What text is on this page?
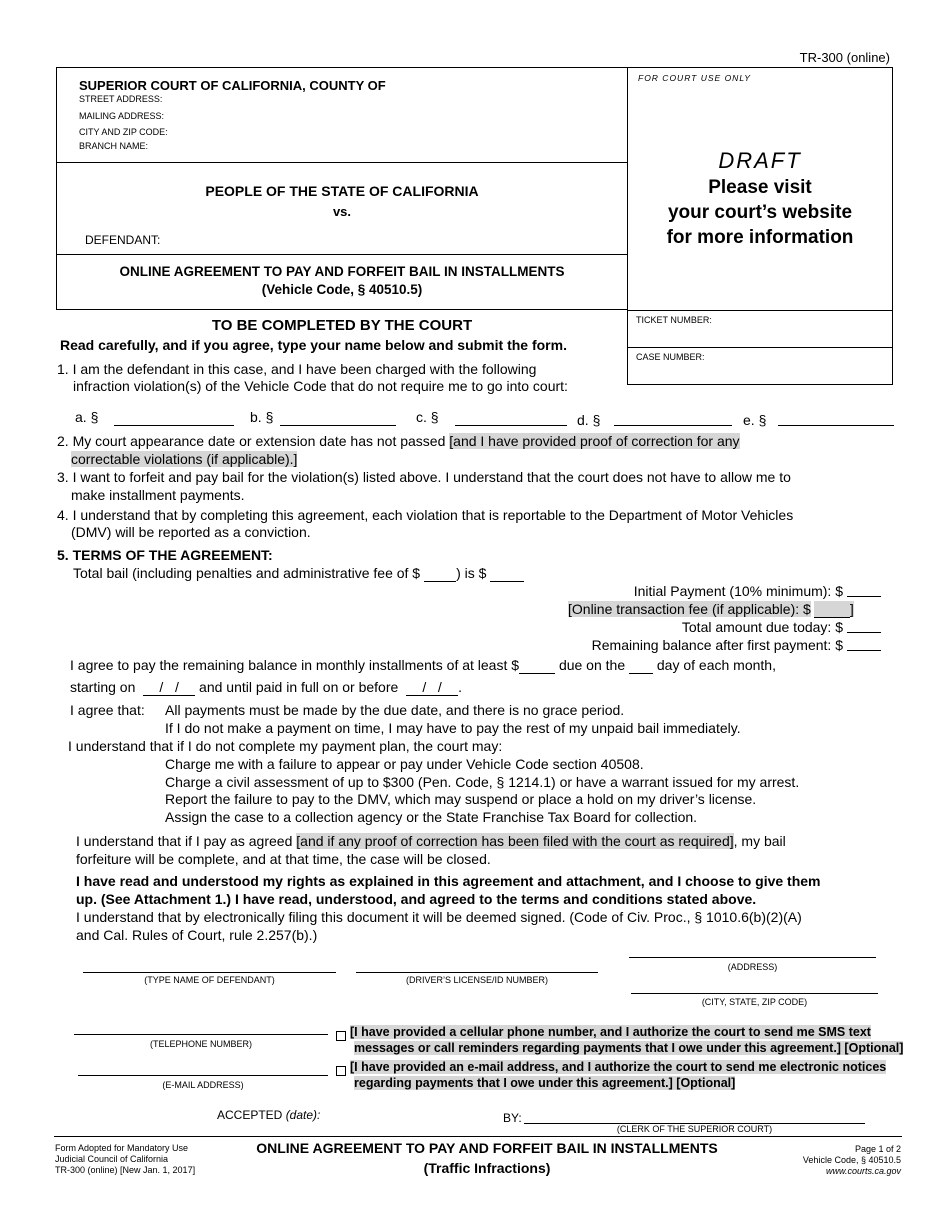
TR-300 (online)
SUPERIOR COURT OF CALIFORNIA, COUNTY OF
STREET ADDRESS:
MAILING ADDRESS:
CITY AND ZIP CODE:
BRANCH NAME:
PEOPLE OF THE STATE OF CALIFORNIA
vs.
DEFENDANT:
ONLINE AGREEMENT TO PAY AND FORFEIT BAIL IN INSTALLMENTS
(Vehicle Code, § 40510.5)
FOR COURT USE ONLY
DRAFT
Please visit
your court’s website
for more information
TICKET NUMBER:
CASE NUMBER:
TO BE COMPLETED BY THE COURT
Read carefully, and if you agree, type your name below and submit the form.
1. I am the defendant in this case, and I have been charged with the following
infraction violation(s) of the Vehicle Code that do not require me to go into court:
a. §	b. §	c. §	d. §	e. §
2. My court appearance date or extension date has not passed [and I have provided proof of correction for any
correctable violations (if applicable).]
3. I want to forfeit and pay bail for the violation(s) listed above. I understand that the court does not have to allow me to
make installment payments.
4. I understand that by completing this agreement, each violation that is reportable to the Department of Motor Vehicles
(DMV) will be reported as a conviction.
5. TERMS OF THE AGREEMENT:
Total bail (including penalties and administrative fee of $	) is $
Initial Payment (10% minimum): $
[Online transaction fee (if applicable): $	]
Total amount due today: $
Remaining balance after first payment: $
I agree to pay the remaining balance in monthly installments of at least $	due on the day of each month,
starting on /   / and until paid in full on or before /   / .
I agree that: All payments must be made by the due date, and there is no grace period.
If I do not make a payment on time, I may have to pay the rest of my unpaid bail immediately.
I understand that if I do not complete my payment plan, the court may:
Charge me with a failure to appear or pay under Vehicle Code section 40508.
Charge a civil assessment of up to $300 (Pen. Code, § 1214.1) or have a warrant issued for my arrest.
Report the failure to pay to the DMV, which may suspend or place a hold on my driver’s license.
Assign the case to a collection agency or the State Franchise Tax Board for collection.
I understand that if I pay as agreed [and if any proof of correction has been filed with the court as required], my bail
forfeiture will be complete, and at that time, the case will be closed.
I have read and understood my rights as explained in this agreement and attachment, and I choose to give them
up. (See Attachment 1.) I have read, understood, and agreed to the terms and conditions stated above.
I understand that by electronically filing this document it will be deemed signed. (Code of Civ. Proc., § 1010.6(b)(2)(A)
and Cal. Rules of Court, rule 2.257(b).)
(ADDRESS)
(TYPE NAME OF DEFENDANT)	(DRIVER’S LICENSE/ID NUMBER)
(CITY, STATE, ZIP CODE)
(TELEPHONE NUMBER)
(E-MAIL ADDRESS)
[I have provided a cellular phone number, and I authorize the court to send me SMS text
messages or call reminders regarding payments that I owe under this agreement.] [Optional]
[I have provided an e-mail address, and I authorize the court to send me electronic notices
regarding payments that I owe under this agreement.] [Optional]
ACCEPTED (date):	BY:
(CLERK OF THE SUPERIOR COURT)
Form Adopted for Mandatory Use
Judicial Council of California
TR-300 (online) [New Jan. 1, 2017]
ONLINE AGREEMENT TO PAY AND FORFEIT BAIL IN INSTALLMENTS
(Traffic Infractions)
Page 1 of 2
Vehicle Code, § 40510.5
www.courts.ca.gov
